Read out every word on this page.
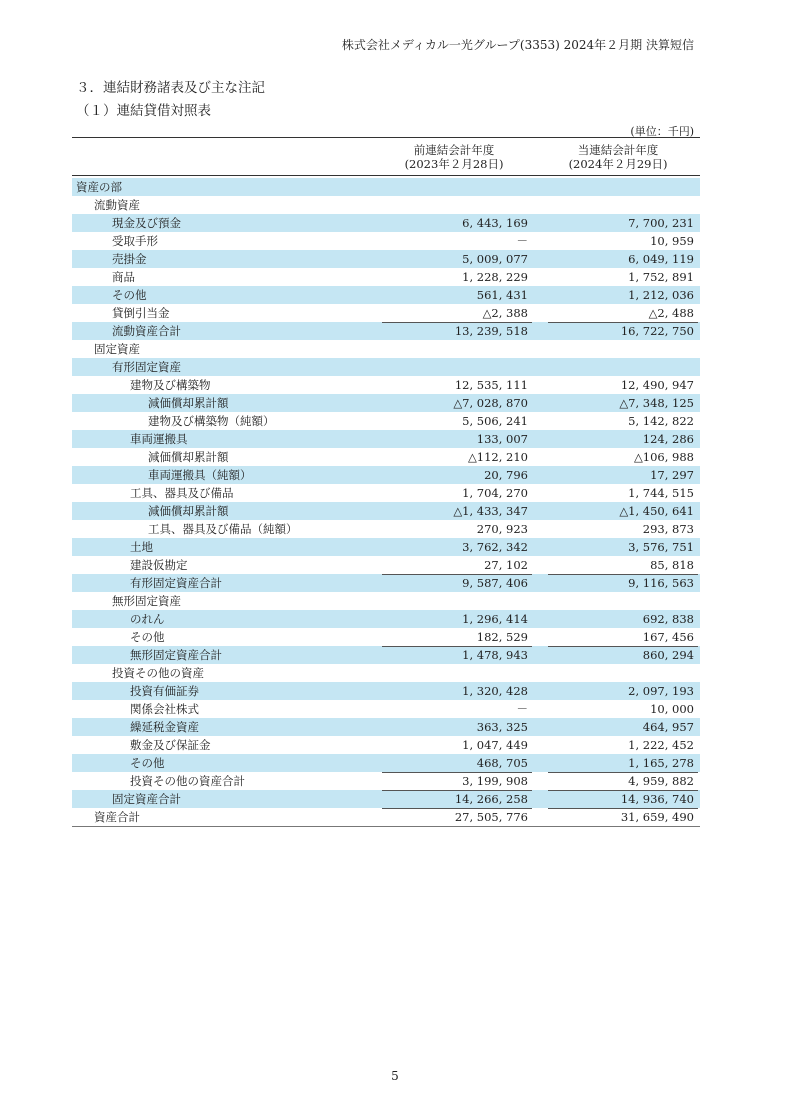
株式会社メディカル一光グループ(3353) 2024年２月期 決算短信
３．連結財務諸表及び主な注記
（１）連結貸借対照表
(単位：千円)
前連結会計年度
(2023年２月28日)
当連結会計年度
(2024年２月29日)
資産の部
流動資産
現金及び預金	6, 443, 169	7, 700, 231
受取手形	－	10, 959
売掛金	5, 009, 077	6, 049, 119
商品	1, 228, 229	1, 752, 891
その他	561, 431	1, 212, 036
貸倒引当金	△2, 388	△2, 488
流動資産合計	13, 239, 518	16, 722, 750
固定資産
有形固定資産
建物及び構築物	12, 535, 111	12, 490, 947
減価償却累計額	△7, 028, 870	△7, 348, 125
建物及び構築物（純額）	5, 506, 241	5, 142, 822
車両運搬具	133, 007	124, 286
減価償却累計額	△112, 210	△106, 988
車両運搬具（純額）	20, 796	17, 297
工具、器具及び備品	1, 704, 270	1, 744, 515
減価償却累計額	△1, 433, 347	△1, 450, 641
工具、器具及び備品（純額）	270, 923	293, 873
土地	3, 762, 342	3, 576, 751
建設仮勘定	27, 102	85, 818
有形固定資産合計	9, 587, 406	9, 116, 563
無形固定資産
のれん	1, 296, 414	692, 838
その他	182, 529	167, 456
無形固定資産合計	1, 478, 943	860, 294
投資その他の資産
投資有価証券	1, 320, 428	2, 097, 193
関係会社株式	－	10, 000
繰延税金資産	363, 325	464, 957
敷金及び保証金	1, 047, 449	1, 222, 452
その他	468, 705	1, 165, 278
投資その他の資産合計	3, 199, 908	4, 959, 882
固定資産合計	14, 266, 258	14, 936, 740
資産合計	27, 505, 776	31, 659, 490
5
